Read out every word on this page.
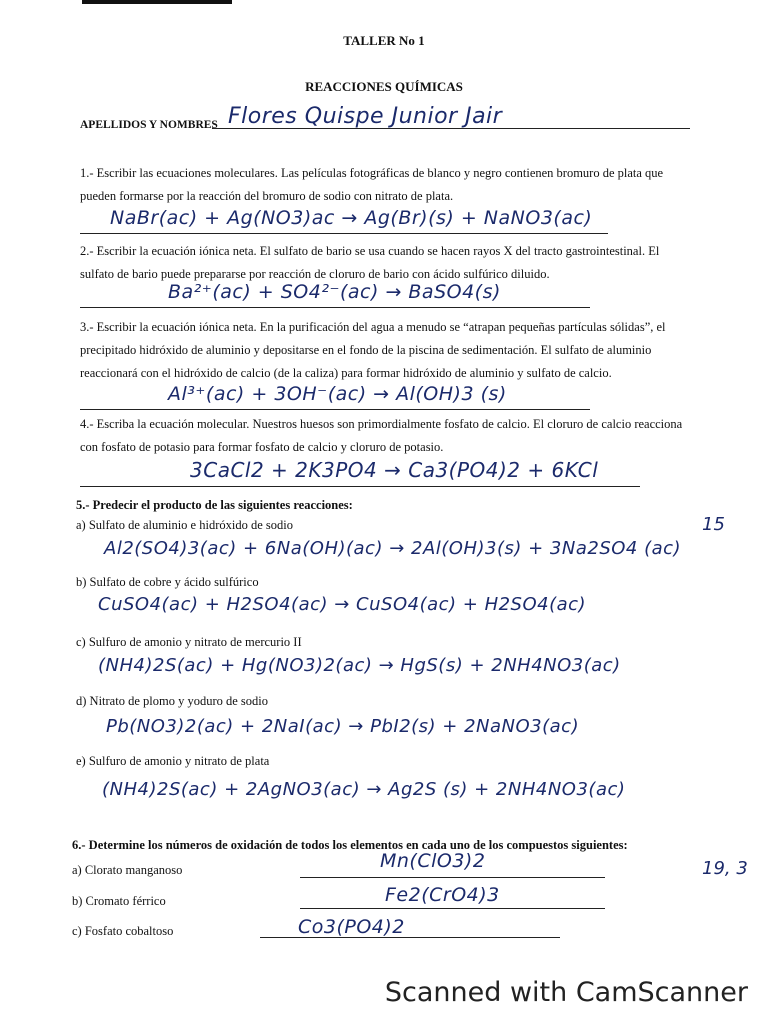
TALLER No 1
REACCIONES QUÍMICAS
APELLIDOS Y NOMBRES Flores Quispe Junior Jair
1.- Escribir las ecuaciones moleculares. Las películas fotográficas de blanco y negro contienen bromuro de plata que pueden formarse por la reacción del bromuro de sodio con nitrato de plata.
NaBr(ac) + Ag(NO3)ac → Ag(Br)(s) + NaNO3(ac)
2.- Escribir la ecuación iónica neta. El sulfato de bario se usa cuando se hacen rayos X del tracto gastrointestinal. El sulfato de bario puede prepararse por reacción de cloruro de bario con ácido sulfúrico diluido.
Ba²⁺(ac) + SO4²⁻(ac) → BaSO4(s)
3.- Escribir la ecuación iónica neta. En la purificación del agua a menudo se “atrapan pequeñas partículas sólidas”, el precipitado hidróxido de aluminio y depositarse en el fondo de la piscina de sedimentación. El sulfato de aluminio reaccionará con el hidróxido de calcio (de la caliza) para formar hidróxido de aluminio y sulfato de calcio.
Al³⁺(ac) + 3OH⁻(ac) → Al(OH)3 (s)
4.- Escriba la ecuación molecular. Nuestros huesos son primordialmente fosfato de calcio. El cloruro de calcio reacciona con fosfato de potasio para formar fosfato de calcio y cloruro de potasio.
3CaCl2 + 2K3PO4 → Ca3(PO4)2 + 6KCl
5.- Predecir el producto de las siguientes reacciones:
15
a) Sulfato de aluminio e hidróxido de sodio
Al2(SO4)3(ac) + 6Na(OH)(ac) → 2Al(OH)3(s) + 3Na2SO4 (ac)
b) Sulfato de cobre y ácido sulfúrico
CuSO4(ac) + H2SO4(ac) → CuSO4(ac) + H2SO4(ac)
c) Sulfuro de amonio y nitrato de mercurio II
(NH4)2S(ac) + Hg(NO3)2(ac) → HgS(s) + 2NH4NO3(ac)
d) Nitrato de plomo y yoduro de sodio
Pb(NO3)2(ac) + 2NaI(ac) → PbI2(s) + 2NaNO3(ac)
e) Sulfuro de amonio y nitrato de plata
(NH4)2S(ac) + 2AgNO3(ac) → Ag2S (s) + 2NH4NO3(ac)
6.- Determine los números de oxidación de todos los elementos en cada uno de los compuestos siguientes:
19, 3
a) Clorato manganoso	Mn(ClO3)2
b) Cromato férrico	Fe2(CrO4)3
c) Fosfato cobaltoso	Co3(PO4)2
Scanned with CamScanner
